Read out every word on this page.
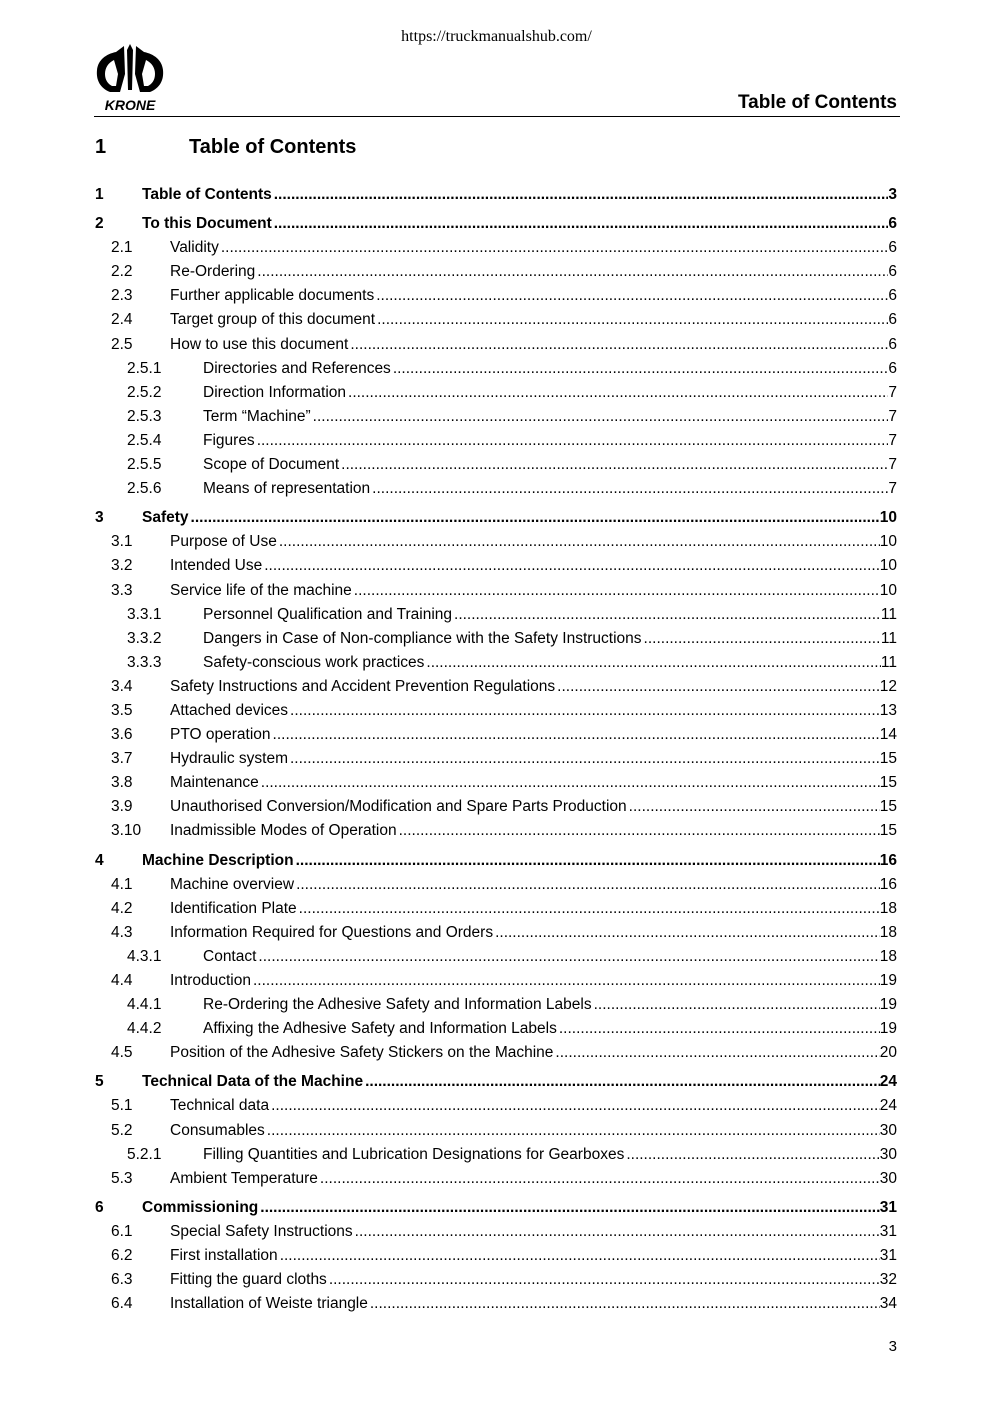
https://truckmanualshub.com/
KRONE	Table of Contents
1	Table of Contents
1 Table of Contents .....	3
2 To this Document .....	6
2.1 Validity .....	6
2.2 Re-Ordering .....	6
2.3 Further applicable documents .....	6
2.4 Target group of this document .....	6
2.5 How to use this document .....	6
2.5.1	Directories and References .....	6
2.5.2	Direction Information .....	7
2.5.3	Term “Machine” .....	7
2.5.4	Figures .....	7
2.5.5	Scope of Document .....	7
2.5.6	Means of representation .....	7
3 Safety .....	10
3.1 Purpose of Use .....	10
3.2 Intended Use .....	10
3.3 Service life of the machine .....	10
3.3.1	Personnel Qualification and Training .....	11
3.3.2	Dangers in Case of Non-compliance with the Safety Instructions .....	11
3.3.3	Safety-conscious work practices .....	11
3.4 Safety Instructions and Accident Prevention Regulations .....	12
3.5 Attached devices .....	13
3.6 PTO operation .....	14
3.7 Hydraulic system .....	15
3.8 Maintenance .....	15
3.9 Unauthorised Conversion/Modification and Spare Parts Production .....	15
3.10 Inadmissible Modes of Operation .....	15
4 Machine Description .....	16
4.1 Machine overview .....	16
4.2 Identification Plate .....	18
4.3 Information Required for Questions and Orders .....	18
4.3.1	Contact .....	18
4.4 Introduction .....	19
4.4.1	Re-Ordering the Adhesive Safety and Information Labels .....	19
4.4.2	Affixing the Adhesive Safety and Information Labels .....	19
4.5 Position of the Adhesive Safety Stickers on the Machine .....	20
5 Technical Data of the Machine .....	24
5.1 Technical data .....	24
5.2 Consumables .....	30
5.2.1	Filling Quantities and Lubrication Designations for Gearboxes .....	30
5.3 Ambient Temperature .....	30
6 Commissioning .....	31
6.1 Special Safety Instructions .....	31
6.2 First installation .....	31
6.3 Fitting the guard cloths .....	32
6.4 Installation of Weiste triangle .....	34
3
